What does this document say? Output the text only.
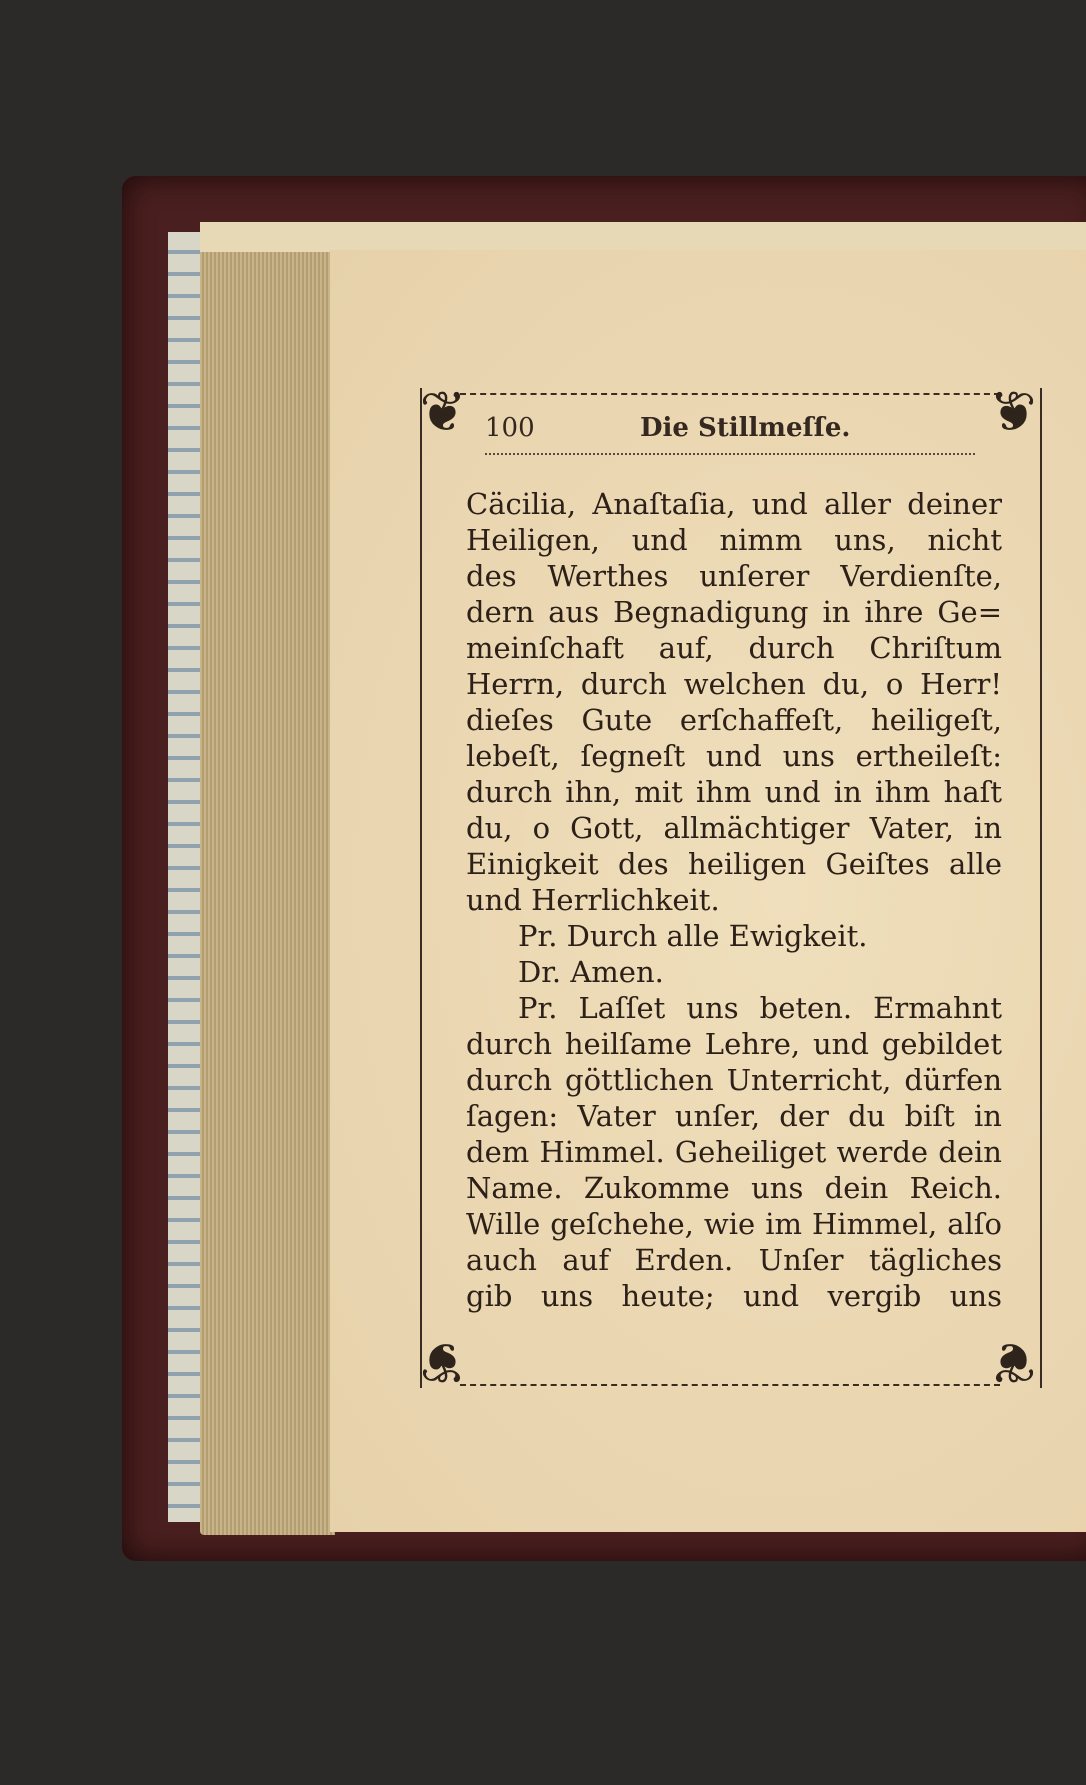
❦	❦
❦	❦
100	Die Stillmeſſe.
Cäcilia, Anaſtaſia, und aller deiner
Heiligen, und nimm uns, nicht
des Werthes unſerer Verdienſte,
dern aus Begnadigung in ihre Ge=
meinſchaft auf, durch Chriſtum
Herrn, durch welchen du, o Herr!
dieſes Gute erſchaffeſt, heiligeſt,
lebeſt, ſegneſt und uns ertheileſt:
durch ihn, mit ihm und in ihm haſt
du, o Gott, allmächtiger Vater, in
Einigkeit des heiligen Geiſtes alle
und Herrlichkeit.
Pr. Durch alle Ewigkeit.
Dr. Amen.
Pr. Laſſet uns beten. Ermahnt
durch heilſame Lehre, und gebildet
durch göttlichen Unterricht, dürfen
ſagen: Vater unſer, der du biſt in
dem Himmel. Geheiliget werde dein
Name. Zukomme uns dein Reich.
Wille geſchehe, wie im Himmel, alſo
auch auf Erden. Unſer tägliches
gib uns heute; und vergib uns
